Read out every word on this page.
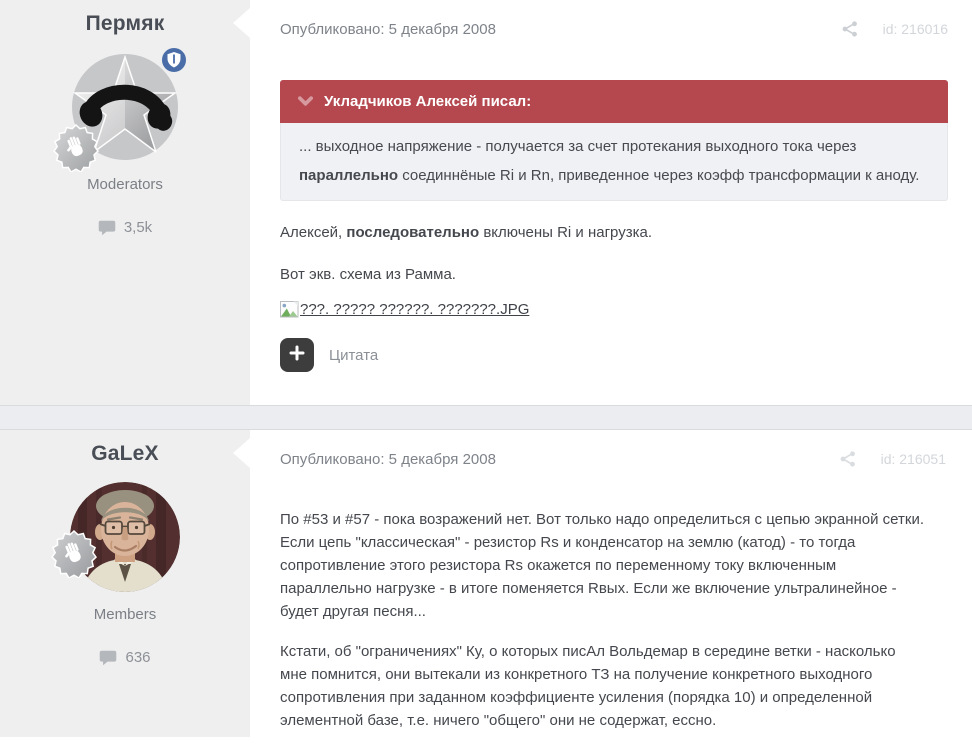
Пермяк
Moderators
3,5k
Опубликовано: 5 декабря 2008	id: 216016
Укладчиков Алексей писал:
... выходное напряжение - получается за счет протекания выходного тока через параллельно соединнёные Ri и Rn, приведенное через коэфф трансформации к аноду.

Алексей, последовательно включены Ri и нагрузка.

Вот экв. схема из Рамма.

???. ????? ??????. ???????.JPG
Цитата
GaLeX
Members
636
Опубликовано: 5 декабря 2008	id: 216051

По #53 и #57 - пока возражений нет. Вот только надо определиться с цепью экранной сетки. Если цепь "классическая" - резистор Rs и конденсатор на землю (катод) - то тогда сопротивление этого резистора Rs окажется по переменному току включенным параллельно нагрузке - в итоге поменяется Rвых. Если же включение ультралинейное - будет другая песня...

Кстати, об "ограничениях" Ку, о которых писАл Вольдемар в середине ветки - насколько мне помнится, они вытекали из конкретного ТЗ на получение конкретного выходного сопротивления при заданном коэффициенте усиления (порядка 10) и определенной элементной базе, т.е. ничего "общего" они не содержат, ессно.
